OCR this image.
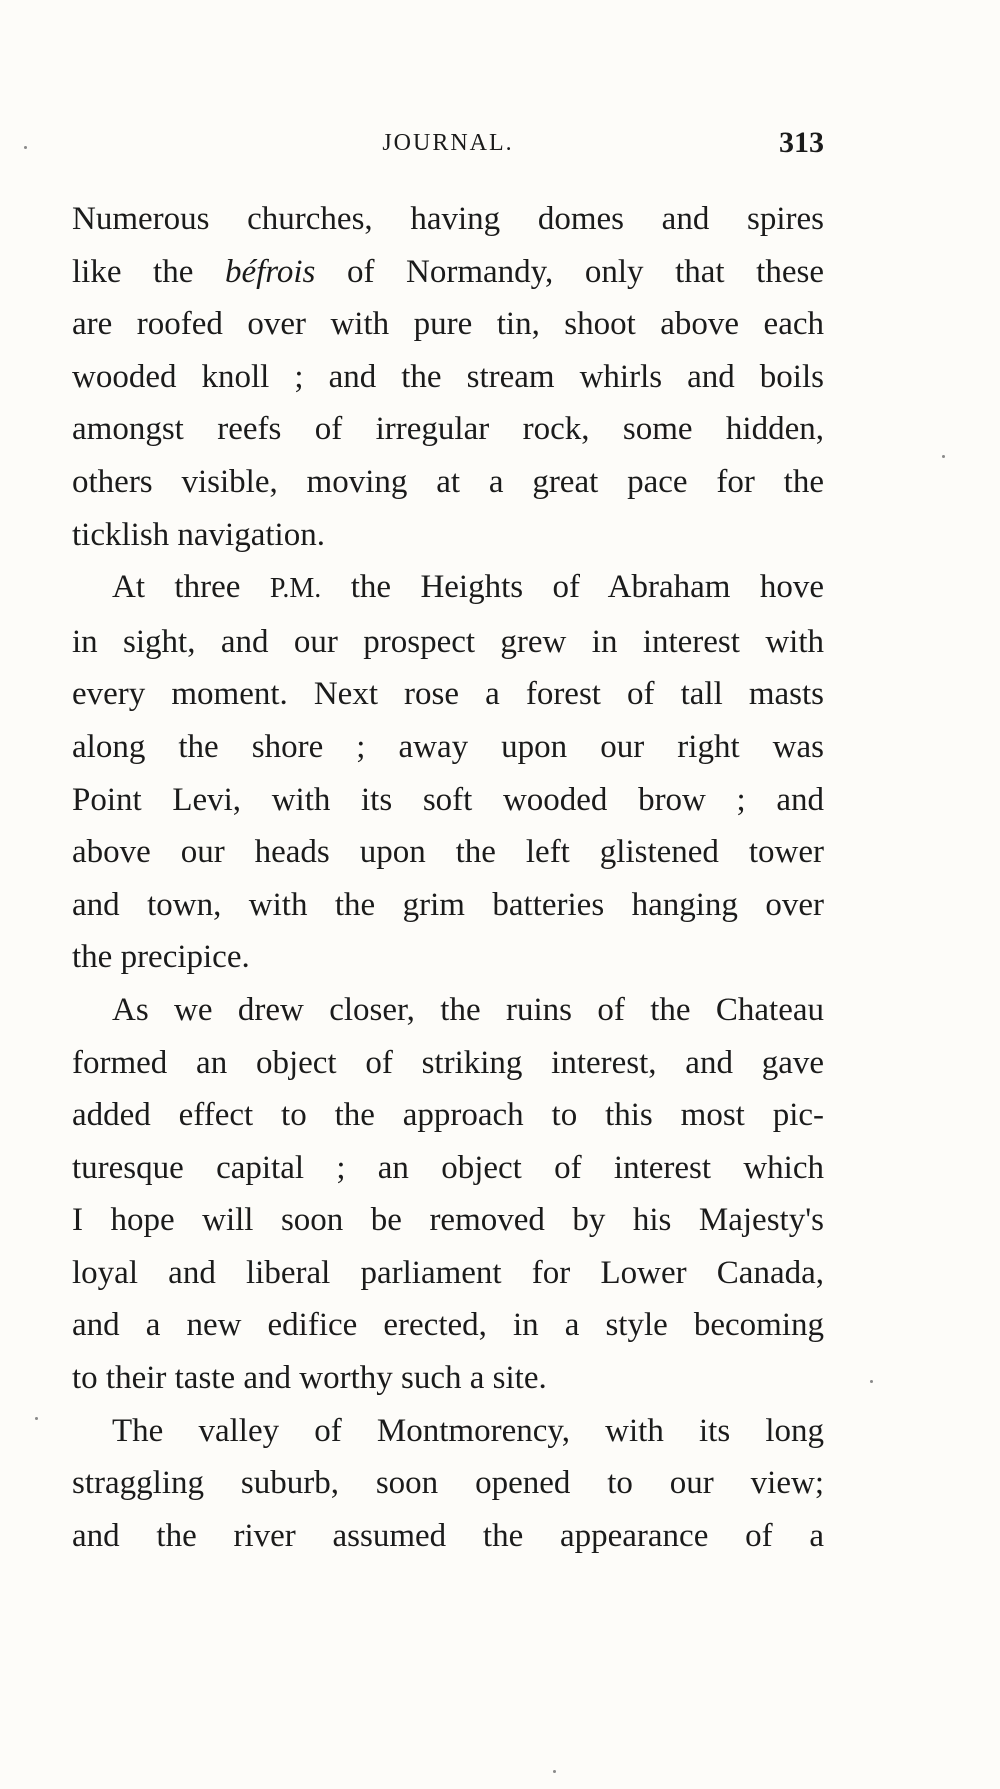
JOURNAL.	313

Numerous churches, having domes and spires
like the béfrois of Normandy, only that these
are roofed over with pure tin, shoot above each
wooded knoll ; and the stream whirls and boils
amongst reefs of irregular rock, some hidden,
others visible, moving at a great pace for the
ticklish navigation.

At three P.M. the Heights of Abraham hove
in sight, and our prospect grew in interest with
every moment. Next rose a forest of tall masts
along the shore ; away upon our right was
Point Levi, with its soft wooded brow ; and
above our heads upon the left glistened tower
and town, with the grim batteries hanging over
the precipice.

As we drew closer, the ruins of the Chateau
formed an object of striking interest, and gave
added effect to the approach to this most pic-
turesque capital ; an object of interest which
I hope will soon be removed by his Majesty's
loyal and liberal parliament for Lower Canada,
and a new edifice erected, in a style becoming
to their taste and worthy such a site.

The valley of Montmorency, with its long
straggling suburb, soon opened to our view;
and the river assumed the appearance of a
